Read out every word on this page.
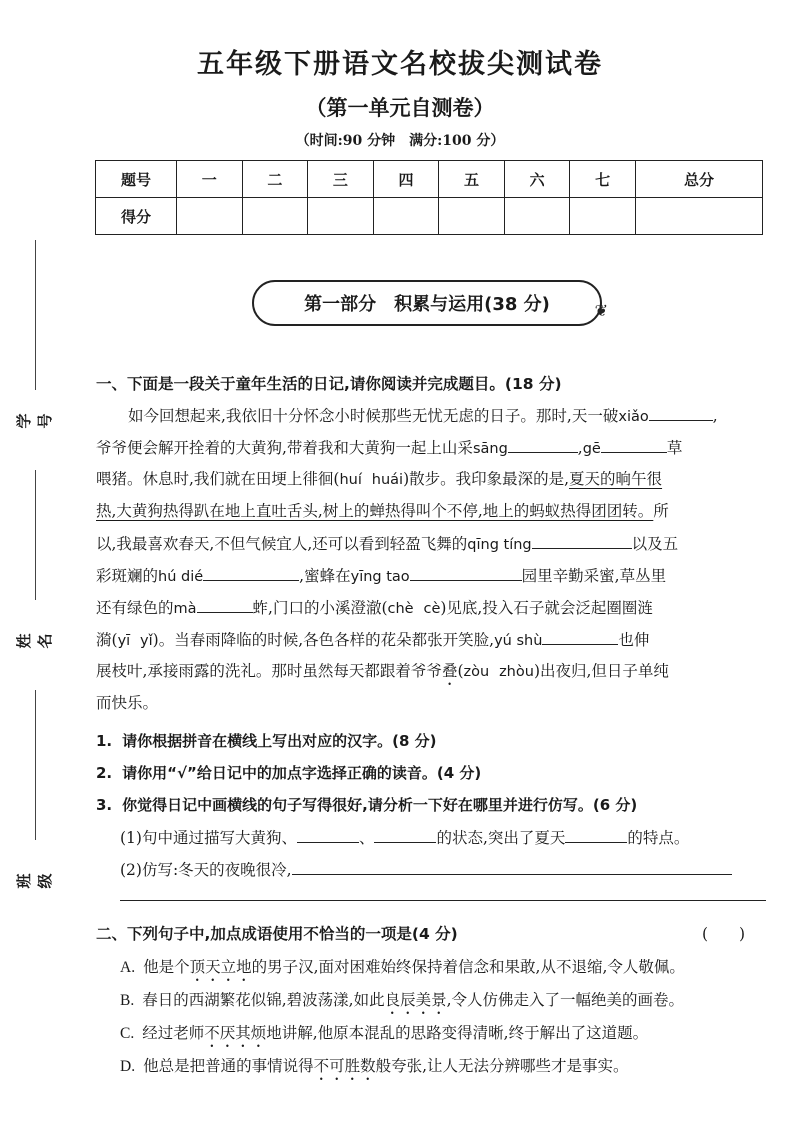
五年级下册语文名校拔尖测试卷
（第一单元自测卷）
（时间:90 分钟　满分:100 分）
题号	一	二	三	四	五	六	七	总分
得分								
学号
姓名
班级
第一部分　积累与运用(38 分)	❦
一、下面是一段关于童年生活的日记,请你阅读并完成题目。(18 分)
如今回想起来,我依旧十分怀念小时候那些无忧无虑的日子。那时,天一破xiǎo	,
爷爷便会解开拴着的大黄狗,带着我和大黄狗一起上山采sāng	,gē	草
喂猪。休息时,我们就在田埂上徘徊(huí huái)散步。我印象最深的是,夏天的晌午很
热,大黄狗热得趴在地上直吐舌头,树上的蝉热得叫个不停,地上的蚂蚁热得团团转。所
以,我最喜欢春天,不但气候宜人,还可以看到轻盈飞舞的qīng tíng	以及五
彩斑斓的hú dié	,蜜蜂在yīng tao	园里辛勤采蜜,草丛里
还有绿色的mà	蚱,门口的小溪澄澈(chè cè)见底,投入石子就会泛起圈圈涟
漪(yī yǐ)。当春雨降临的时候,各色各样的花朵都张开笑脸,yú shù	也伸
展枝叶,承接雨露的洗礼。那时虽然每天都跟着爷爷叠(zòu zhòu)出夜归,但日子单纯
而快乐。
1. 请你根据拼音在横线上写出对应的汉字。(8 分)
2. 请你用“√”给日记中的加点字选择正确的读音。(4 分)
3. 你觉得日记中画横线的句子写得很好,请分析一下好在哪里并进行仿写。(6 分)
(1)句中通过描写大黄狗、	、	的状态,突出了夏天	的特点。
(2)仿写:冬天的夜晚很冷,
二、下列句子中,加点成语使用不恰当的一项是(4 分)	(　　)
A. 他是个顶天立地的男子汉,面对困难始终保持着信念和果敢,从不退缩,令人敬佩。
B. 春日的西湖繁花似锦,碧波荡漾,如此良辰美景,令人仿佛走入了一幅绝美的画卷。
C. 经过老师不厌其烦地讲解,他原本混乱的思路变得清晰,终于解出了这道题。
D. 他总是把普通的事情说得不可胜数般夸张,让人无法分辨哪些才是事实。
